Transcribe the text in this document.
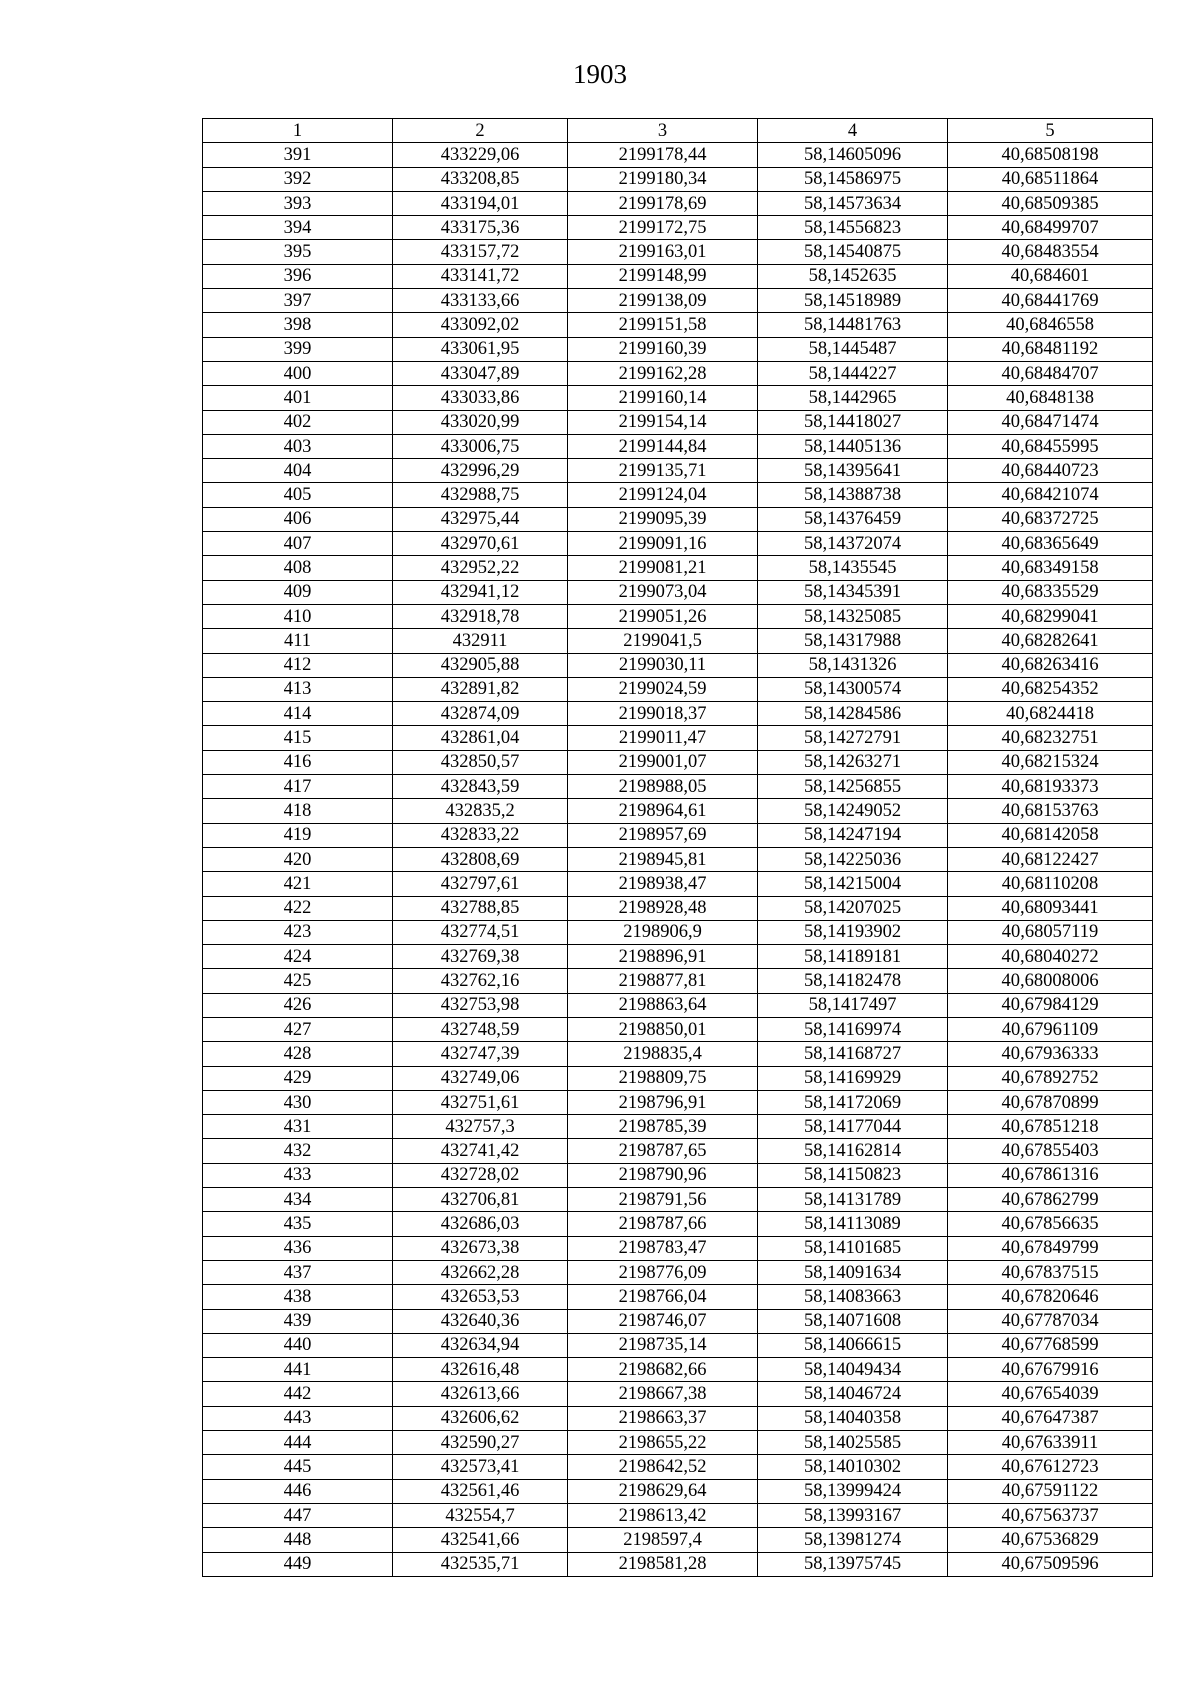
1903
1	2	3	4	5
391	433229,06	2199178,44	58,14605096	40,68508198
392	433208,85	2199180,34	58,14586975	40,68511864
393	433194,01	2199178,69	58,14573634	40,68509385
394	433175,36	2199172,75	58,14556823	40,68499707
395	433157,72	2199163,01	58,14540875	40,68483554
396	433141,72	2199148,99	58,1452635	40,684601
397	433133,66	2199138,09	58,14518989	40,68441769
398	433092,02	2199151,58	58,14481763	40,6846558
399	433061,95	2199160,39	58,1445487	40,68481192
400	433047,89	2199162,28	58,1444227	40,68484707
401	433033,86	2199160,14	58,1442965	40,6848138
402	433020,99	2199154,14	58,14418027	40,68471474
403	433006,75	2199144,84	58,14405136	40,68455995
404	432996,29	2199135,71	58,14395641	40,68440723
405	432988,75	2199124,04	58,14388738	40,68421074
406	432975,44	2199095,39	58,14376459	40,68372725
407	432970,61	2199091,16	58,14372074	40,68365649
408	432952,22	2199081,21	58,1435545	40,68349158
409	432941,12	2199073,04	58,14345391	40,68335529
410	432918,78	2199051,26	58,14325085	40,68299041
411	432911	2199041,5	58,14317988	40,68282641
412	432905,88	2199030,11	58,1431326	40,68263416
413	432891,82	2199024,59	58,14300574	40,68254352
414	432874,09	2199018,37	58,14284586	40,6824418
415	432861,04	2199011,47	58,14272791	40,68232751
416	432850,57	2199001,07	58,14263271	40,68215324
417	432843,59	2198988,05	58,14256855	40,68193373
418	432835,2	2198964,61	58,14249052	40,68153763
419	432833,22	2198957,69	58,14247194	40,68142058
420	432808,69	2198945,81	58,14225036	40,68122427
421	432797,61	2198938,47	58,14215004	40,68110208
422	432788,85	2198928,48	58,14207025	40,68093441
423	432774,51	2198906,9	58,14193902	40,68057119
424	432769,38	2198896,91	58,14189181	40,68040272
425	432762,16	2198877,81	58,14182478	40,68008006
426	432753,98	2198863,64	58,1417497	40,67984129
427	432748,59	2198850,01	58,14169974	40,67961109
428	432747,39	2198835,4	58,14168727	40,67936333
429	432749,06	2198809,75	58,14169929	40,67892752
430	432751,61	2198796,91	58,14172069	40,67870899
431	432757,3	2198785,39	58,14177044	40,67851218
432	432741,42	2198787,65	58,14162814	40,67855403
433	432728,02	2198790,96	58,14150823	40,67861316
434	432706,81	2198791,56	58,14131789	40,67862799
435	432686,03	2198787,66	58,14113089	40,67856635
436	432673,38	2198783,47	58,14101685	40,67849799
437	432662,28	2198776,09	58,14091634	40,67837515
438	432653,53	2198766,04	58,14083663	40,67820646
439	432640,36	2198746,07	58,14071608	40,67787034
440	432634,94	2198735,14	58,14066615	40,67768599
441	432616,48	2198682,66	58,14049434	40,67679916
442	432613,66	2198667,38	58,14046724	40,67654039
443	432606,62	2198663,37	58,14040358	40,67647387
444	432590,27	2198655,22	58,14025585	40,67633911
445	432573,41	2198642,52	58,14010302	40,67612723
446	432561,46	2198629,64	58,13999424	40,67591122
447	432554,7	2198613,42	58,13993167	40,67563737
448	432541,66	2198597,4	58,13981274	40,67536829
449	432535,71	2198581,28	58,13975745	40,67509596
